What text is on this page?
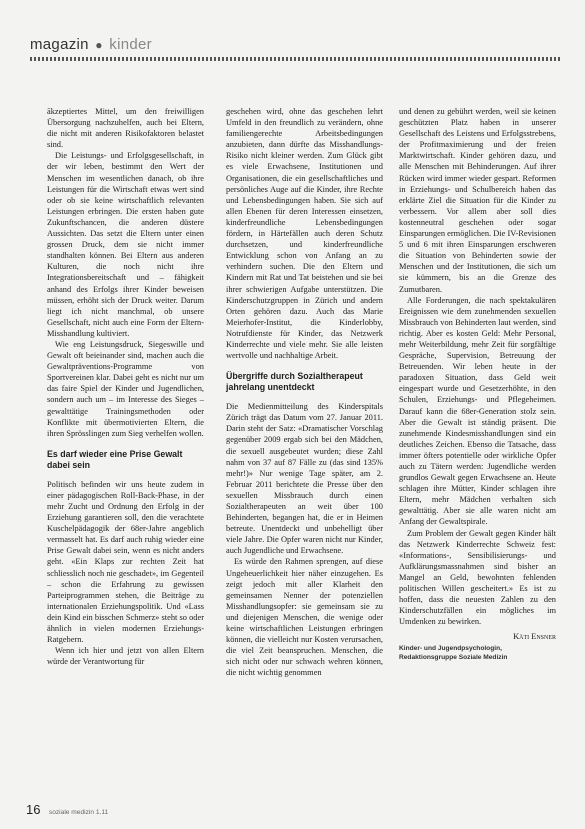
magazin ● kinder

ākzeptiertes Mittel, um den freiwilligen Übersorgung nachzuhelfen, auch bei Eltern, die nicht mit anderen Risikofaktoren belastet sind.

Die Leistungs- und Erfolgsgesellschaft, in der wir leben, bestimmt den Wert der Menschen im wesentlichen danach, ob ihre Leistungen für die Wirtschaft etwas wert sind oder ob sie keine wirtschaftlich relevanten Leistungen erbringen. Die ersten haben gute Zukunftschancen, die anderen düstere Aussichten. Das setzt die Eltern unter einen grossen Druck, dem sie nicht immer standhalten können. Bei Eltern aus anderen Kulturen, die noch nicht ihre Integrationsbereitschaft und – fähigkeit anhand des Erfolgs ihrer Kinder beweisen müssen, erhöht sich der Druck weiter. Darum liegt ich nicht manchmal, ob unsere Gesellschaft, nicht auch eine Form der Eltern-Misshandlung kultiviert.

Wie eng Leistungsdruck, Siegeswille und Gewalt oft beieinander sind, machen auch die Gewaltpräventions-Programme von Sportvereinen klar. Dabei geht es nicht nur um das faire Spiel der Kinder und Jugendlichen, sondern auch um – im Interesse des Sieges – gewalttätige Trainingsmethoden oder Konflikte mit übermotivierten Eltern, die ihren Sprösslingen zum Sieg verhelfen wollen.

Es darf wieder eine Prise Gewalt dabei sein

Politisch befinden wir uns heute zudem in einer pädagogischen Roll-Back-Phase, in der mehr Zucht und Ordnung den Erfolg in der Erziehung garantieren soll, den die verachtete Kuschelpädagogik der 68er-Jahre angeblich vermasselt hat. Es darf auch ruhig wieder eine Prise Gewalt dabei sein, wenn es nicht anders geht. «Ein Klaps zur rechten Zeit hat schliesslich noch nie geschadet», im Gegenteil – schon die Erfahrung zu gewissen Parteiprogrammen stehen, die Beiträge zu internationalen Erziehungspolitik. Und «Lass dein Kind ein bisschen Schmerz» steht so oder ähnlich in vielen modernen Erziehungs-Ratgebern.

Wenn ich hier und jetzt von allen Eltern würde der Verantwortung für

geschehen wird, ohne das geschehen lehrt Umfeld in den freundlich zu verändern, ohne familiengerechte Arbeitsbedingungen anzubieten, dann dürfte das Misshandlungs-Risiko nicht kleiner werden. Zum Glück gibt es viele Erwachsene, Institutionen und Organisationen, die ein gesellschaftliches und persönliches Auge auf die Kinder, ihre Rechte und Lebensbedingungen haben. Sie sich auf allen Ebenen für deren Interessen einsetzen, kinderfreundliche Lebensbedingungen fördern, in Härtefällen auch deren Schutz durchsetzen, und kinderfreundliche Entwicklung schon von Anfang an zu verhindern suchen. Die den Eltern und Kindern mit Rat und Tat beistehen und sie bei ihrer schwierigen Aufgabe unterstützen. Die Kinderschutzgruppen in Zürich und andern Orten gehören dazu. Auch das Marie Meierhofer-Institut, die Kinderlobby, Notrufdienste für Kinder, das Netzwerk Kinderrechte und viele mehr. Sie alle leisten wertvolle und nachhaltige Arbeit.

Übergriffe durch Sozialtherapeut jahrelang unentdeckt

Die Medienmitteilung des Kinderspitals Zürich trägt das Datum vom 27. Januar 2011. Darin steht der Satz: «Dramatischer Vorschlag gegenüber 2009 ergab sich bei den Mädchen, die sexuell ausgebeutet wurden; diese Zahl nahm von 37 auf 87 Fälle zu (das sind 135% mehr!)» Nur wenige Tage später, am 2. Februar 2011 berichtete die Presse über den sexuellen Missbrauch durch einen Sozialtherapeuten an weit über 100 Behinderten, begangen hat, die er in Heimen betreute. Unentdeckt und unbehelligt über viele Jahre. Die Opfer waren nicht nur Kinder, auch Jugendliche und Erwachsene.

Es würde den Rahmen sprengen, auf diese Ungeheuerlichkeit hier näher einzugehen. Es zeigt jedoch mit aller Klarheit den gemeinsamen Nenner der potenziellen Misshandlungsopfer: sie gemeinsam sie zu und diejenigen Menschen, die wenige oder keine wirtschaftlichen Leistungen erbringen können, die vielleicht nur Kosten verursachen, die viel Zeit beanspruchen. Menschen, die sich nicht oder nur schwach wehren können, die nicht wichtig genommen

und denen zu gebührt werden, weil sie keinen geschützten Platz haben in unserer Gesellschaft des Leistens und Erfolgsstrebens, der Profitmaximierung und der freien Marktwirtschaft. Kinder gehören dazu, und alle Menschen mit Behinderungen. Auf ihrer Rücken wird immer wieder gespart. Reformen in Erziehungs- und Schulbereich haben das erklärte Ziel die Situation für die Kinder zu verbessern. Vor allem aber soll dies kostenneutral geschehen oder sogar Einsparungen ermöglichen. Die IV-Revisionen 5 und 6 mit ihren Einsparungen erschweren die Situation von Behinderten sowie der Menschen und der Institutionen, die sich um sie kümmern, bis an die Grenze des Zumutbaren.

Alle Forderungen, die nach spektakulären Ereignissen wie dem zunehmenden sexuellen Missbrauch von Behinderten laut werden, sind richtig. Aber es kosten Geld: Mehr Personal, mehr Weiterbildung, mehr Zeit für sorgfältige Gespräche, Supervision, Betreuung der Betreuenden. Wir leben heute in der paradoxen Situation, dass Geld weit eingespart wurde und Gesetzerhöhte, in den Schulen, Erziehungs- und Pflegeheimen. Darauf kann die 68er-Generation stolz sein. Aber die Gewalt ist ständig präsent. Die zunehmende Kindesmisshandlungen sind ein deutliches Zeichen. Ebenso die Tatsache, dass immer öfters potentielle oder wirkliche Opfer auch zu Tätern werden: Jugendliche werden grundlos Gewalt gegen Erwachsene an. Heute schlagen ihre Mütter, Kinder schlagen ihre Eltern, mehr Mädchen verhalten sich gewalttätig. Aber sie alle waren nicht am Anfang der Gewaltspirale.

Zum Problem der Gewalt gegen Kinder hält das Netzwerk Kinderrechte Schweiz fest: «Informations-, Sensibilisierungs- und Aufklärungsmassnahmen sind bisher an Mangel an Geld, bewohnten fehlenden politischen Willen gescheitert.» Es ist zu hoffen, dass die neuesten Zahlen zu den Kinderschutzfällen ein mögliches im Umdenken zu bewirken.

Käti Ensner
Kinder- und Jugendpsychologin, Redaktionsgruppe Soziale Medizin
16 soziale medizin 1.11
